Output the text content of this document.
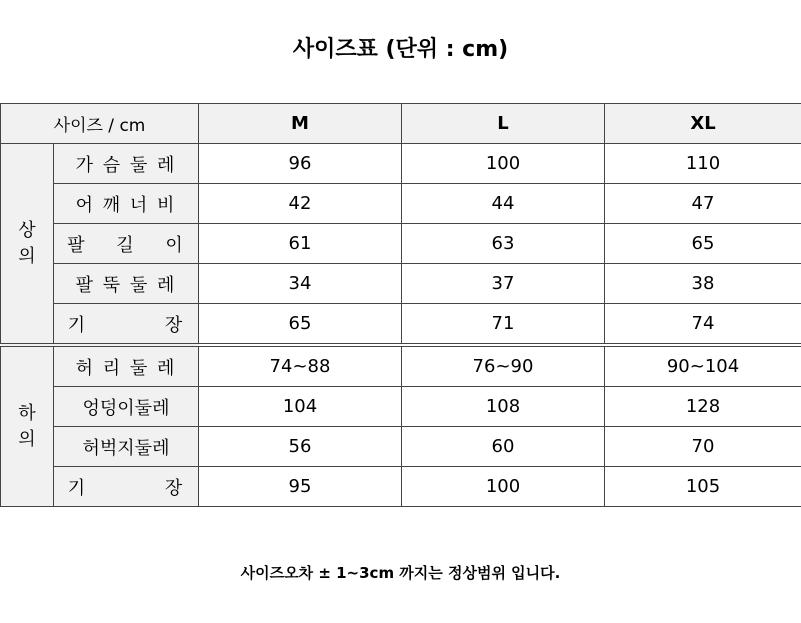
사이즈표 (단위 : cm)
사이즈 / cm		M	L	XL
상의	가 슴 둘 레	96	100	110
	어 깨 너 비	42	44	47
	팔 길 이	61	63	65
	팔 뚝 둘 레	34	37	38
	기 장	65	71	74
하의	허 리 둘 레	74~88	76~90	90~104
	엉덩이둘레	104	108	128
	허벅지둘레	56	60	70
	기 장	95	100	105
사이즈오차 ± 1~3cm 까지는 정상범위 입니다.
